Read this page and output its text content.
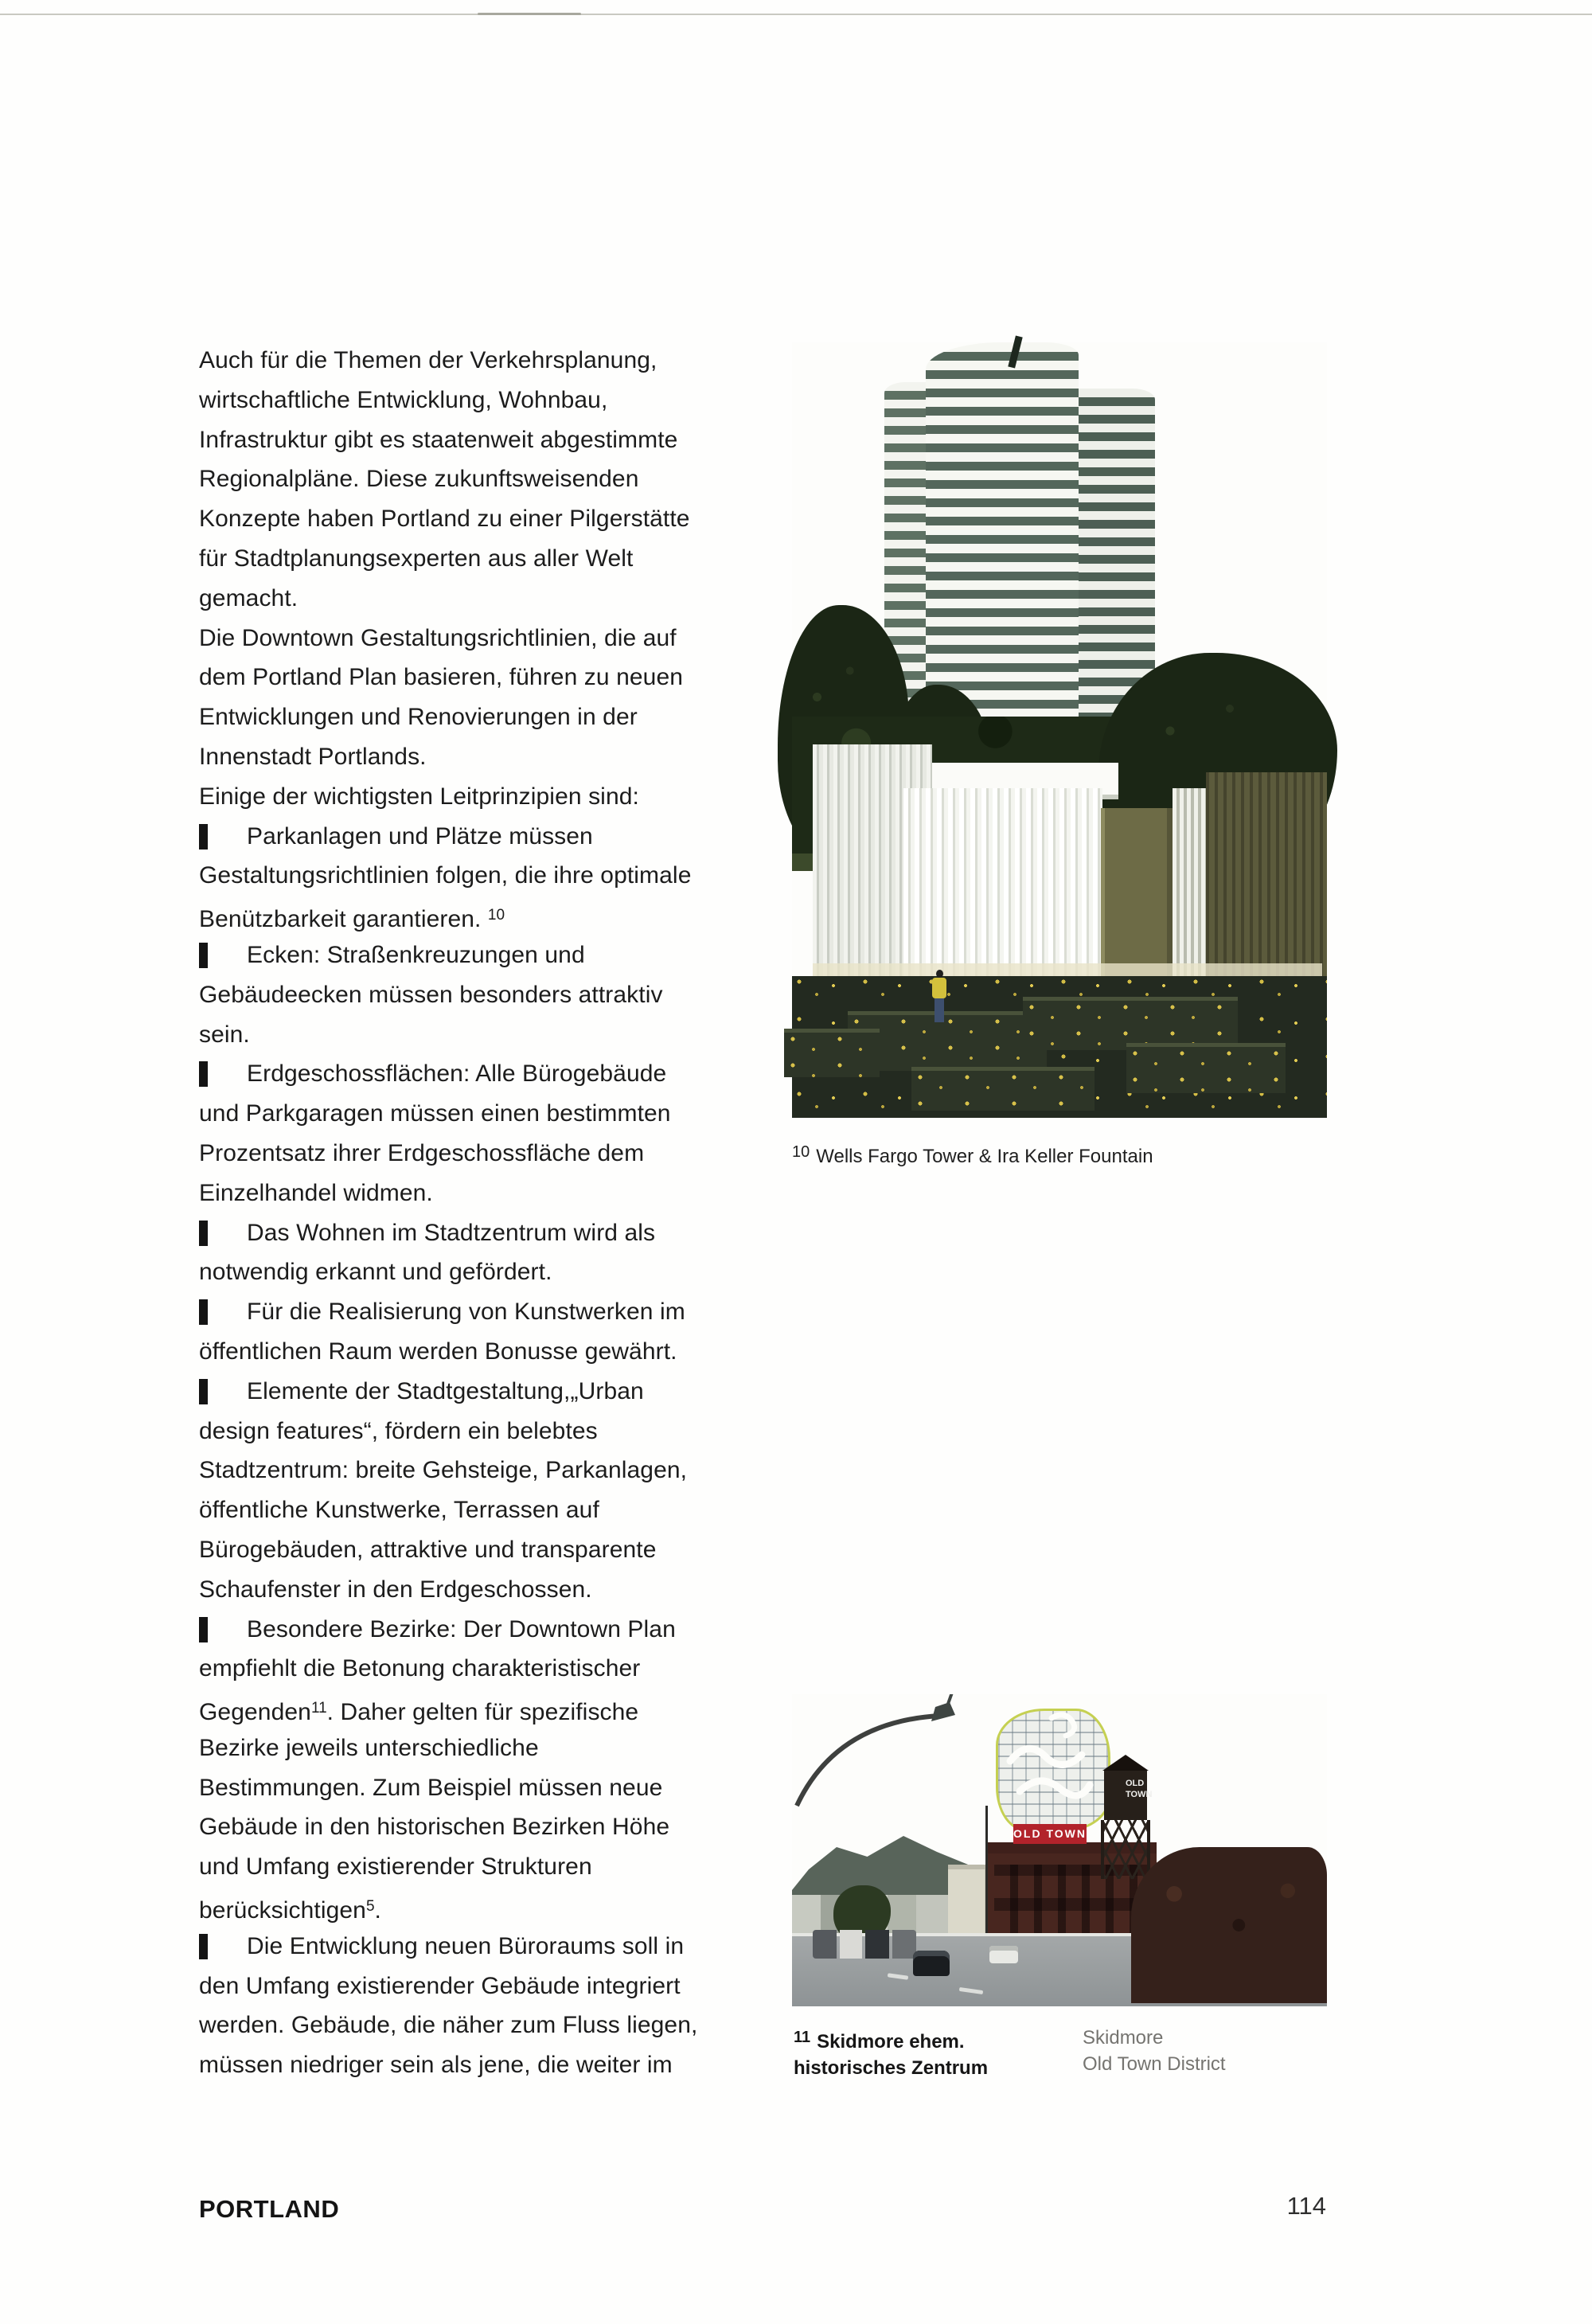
Auch für die Themen der Verkehrsplanung,
wirtschaftliche Entwicklung, Wohnbau,
Infrastruktur gibt es staatenweit abgestimmte
Regionalpläne. Diese zukunftsweisenden
Konzepte haben Portland zu einer Pilgerstätte
für Stadtplanungsexperten aus aller Welt
gemacht.
Die Downtown Gestaltungsrichtlinien, die auf
dem Portland Plan basieren, führen zu neuen
Entwicklungen und Renovierungen in der
Innenstadt Portlands.
Einige der wichtigsten Leitprinzipien sind:
Parkanlagen und Plätze müssen
Gestaltungsrichtlinien folgen, die ihre optimale
Benützbarkeit garantieren. $^{10}$
Ecken: Straßenkreuzungen und
Gebäudeecken müssen besonders attraktiv
sein.
Erdgeschossflächen: Alle Bürogebäude
und Parkgaragen müssen einen bestimmten
Prozentsatz ihrer Erdgeschossfläche dem
Einzelhandel widmen.
Das Wohnen im Stadtzentrum wird als
notwendig erkannt und gefördert.
Für die Realisierung von Kunstwerken im
öffentlichen Raum werden Bonusse gewährt.
Elemente der Stadtgestaltung,„Urban
design features“, fördern ein belebtes
Stadtzentrum: breite Gehsteige, Parkanlagen,
öffentliche Kunstwerke, Terrassen auf
Bürogebäuden, attraktive und transparente
Schaufenster in den Erdgeschossen.
Besondere Bezirke: Der Downtown Plan
empfiehlt die Betonung charakteristischer
Gegenden$^{11}$. Daher gelten für spezifische
Bezirke jeweils unterschiedliche
Bestimmungen. Zum Beispiel müssen neue
Gebäude in den historischen Bezirken Höhe
und Umfang existierender Strukturen
berücksichtigen$^5$.
Die Entwicklung neuen Büroraums soll in
den Umfang existierender Gebäude integriert
werden. Gebäude, die näher zum Fluss liegen,
müssen niedriger sein als jene, die weiter im
$^{10}$ Wells Fargo Tower & Ira Keller Fountain
OLD TOWN
OLD

TOWN
$^{11}$ Skidmore ehem.
historisches Zentrum
Skidmore
Old Town District
PORTLAND	114
